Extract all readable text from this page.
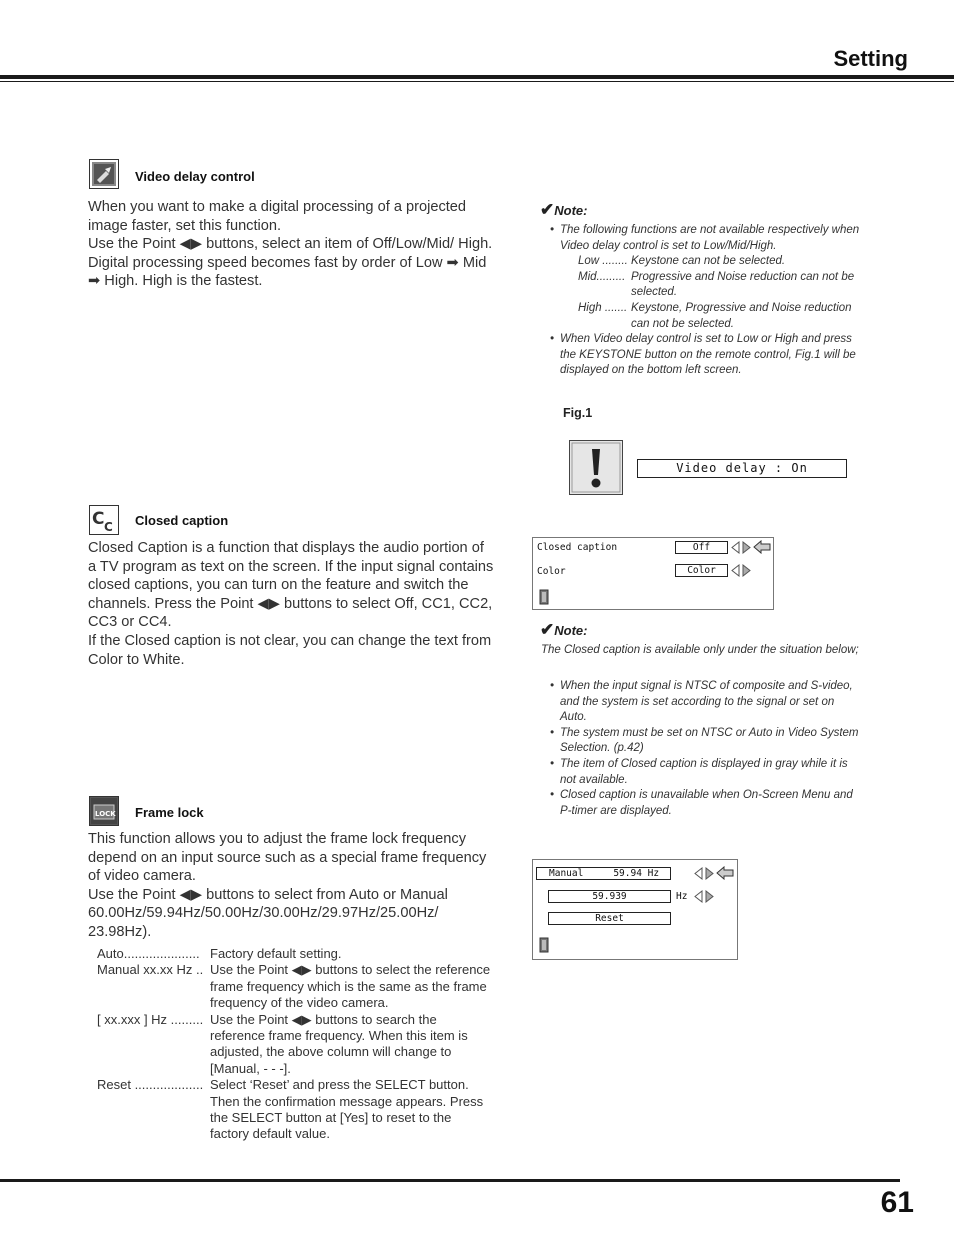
Setting
Video delay control

When you want to make a digital processing of a projected image faster, set this function.

Use the Point ◀▶ buttons, select an item of Off/Low/Mid/ High.

Digital processing speed becomes fast by order of Low ➡ Mid ➡ High. High is the fastest.

✔Note:

• The following functions are not available respectively when Video delay control is set to Low/Mid/High.

Low ........ Keystone can not be selected.
Mid......... Progressive and Noise reduction can not be selected.
High ....... Keystone, Progressive and Noise reduction can not be selected.

• When Video delay control is set to Low or High and press the KEYSTONE button on the remote control, Fig.1 will be displayed on the bottom left screen.

Fig.1
Video delay : On
C C Closed caption

Closed Caption is a function that displays the audio portion of a TV program as text on the screen. If the input signal contains closed captions, you can turn on the feature and switch the channels. Press the Point ◀▶ buttons to select Off, CC1, CC2, CC3 or CC4.

If the Closed caption is not clear, you can change the text from Color to White.

Closed caption	Off
Color	Color
✔Note:
The Closed caption is available only under the situation below;

• When the input signal is NTSC of composite and S-video, and the system is set according to the signal or set on Auto.

• The system must be set on NTSC or Auto in Video System Selection. (p.42)

• The item of Closed caption is displayed in gray while it is not available.

• Closed caption is unavailable when On-Screen Menu and P-timer are displayed.

LOCK Frame lock

This function allows you to adjust the frame lock frequency depend on an input source such as a special frame frequency of video camera.

Use the Point ◀▶ buttons to select from Auto or Manual 60.00Hz/59.94Hz/50.00Hz/30.00Hz/29.97Hz/25.00Hz/ 23.98Hz).

Auto..................... Factory default setting.
Manual xx.xx Hz .. Use the Point ◀▶ buttons to select the reference frame frequency which is the same as the frame frequency of the video camera.
[ xx.xxx ] Hz ......... Use the Point ◀▶ buttons to search the reference frame frequency. When this item is adjusted, the above column will change to [Manual, - - -].
Reset ................... Select ‘Reset’ and press the SELECT button. Then the confirmation message appears. Press the SELECT button at [Yes] to reset to the factory default value.
Manual	59.94 Hz
59.939	Hz
Reset
61
